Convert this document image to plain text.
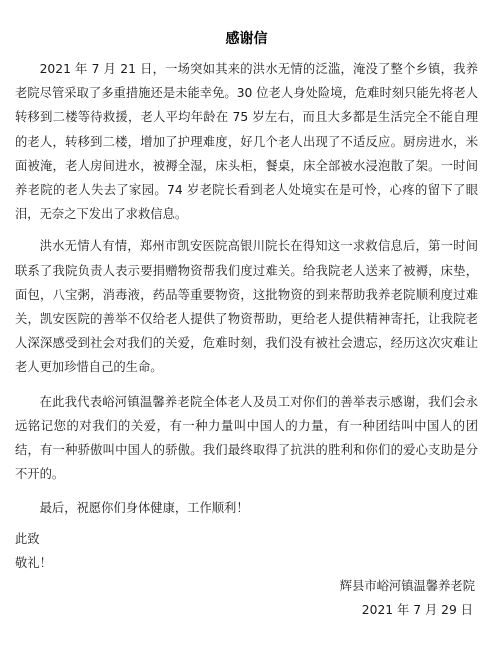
感谢信

2021 年 7 月 21 日，一场突如其来的洪水无情的泛滥，淹没了整个乡镇，我养老院尽管采取了多重措施还是未能幸免。30 位老人身处险境，危难时刻只能先将老人转移到二楼等待救援，老人平均年龄在 75 岁左右，而且大多都是生活完全不能自理的老人，转移到二楼，增加了护理难度，好几个老人出现了不适反应。厨房进水，米面被淹，老人房间进水，被褥全湿，床头柜，餐桌，床全部被水浸泡散了架。一时间养老院的老人失去了家园。74 岁老院长看到老人处境实在是可怜，心疼的留下了眼泪，无奈之下发出了求救信息。

洪水无情人有情，郑州市凯安医院高银川院长在得知这一求救信息后，第一时间联系了我院负责人表示要捐赠物资帮我们度过难关。给我院老人送来了被褥，床垫，面包，八宝粥，消毒液，药品等重要物资，这批物资的到来帮助我养老院顺利度过难关，凯安医院的善举不仅给老人提供了物资帮助，更给老人提供精神寄托，让我院老人深深感受到社会对我们的关爱，危难时刻，我们没有被社会遗忘，经历这次灾难让老人更加珍惜自己的生命。

在此我代表峪河镇温馨养老院全体老人及员工对你们的善举表示感谢，我们会永远铭记您的对我们的关爱，有一种力量叫中国人的力量，有一种团结叫中国人的团结，有一种骄傲叫中国人的骄傲。我们最终取得了抗洪的胜利和你们的爱心支助是分不开的。

最后，祝愿你们身体健康，工作顺利！

此致

敬礼！

辉县市峪河镇温馨养老院

2021 年 7 月 29 日
